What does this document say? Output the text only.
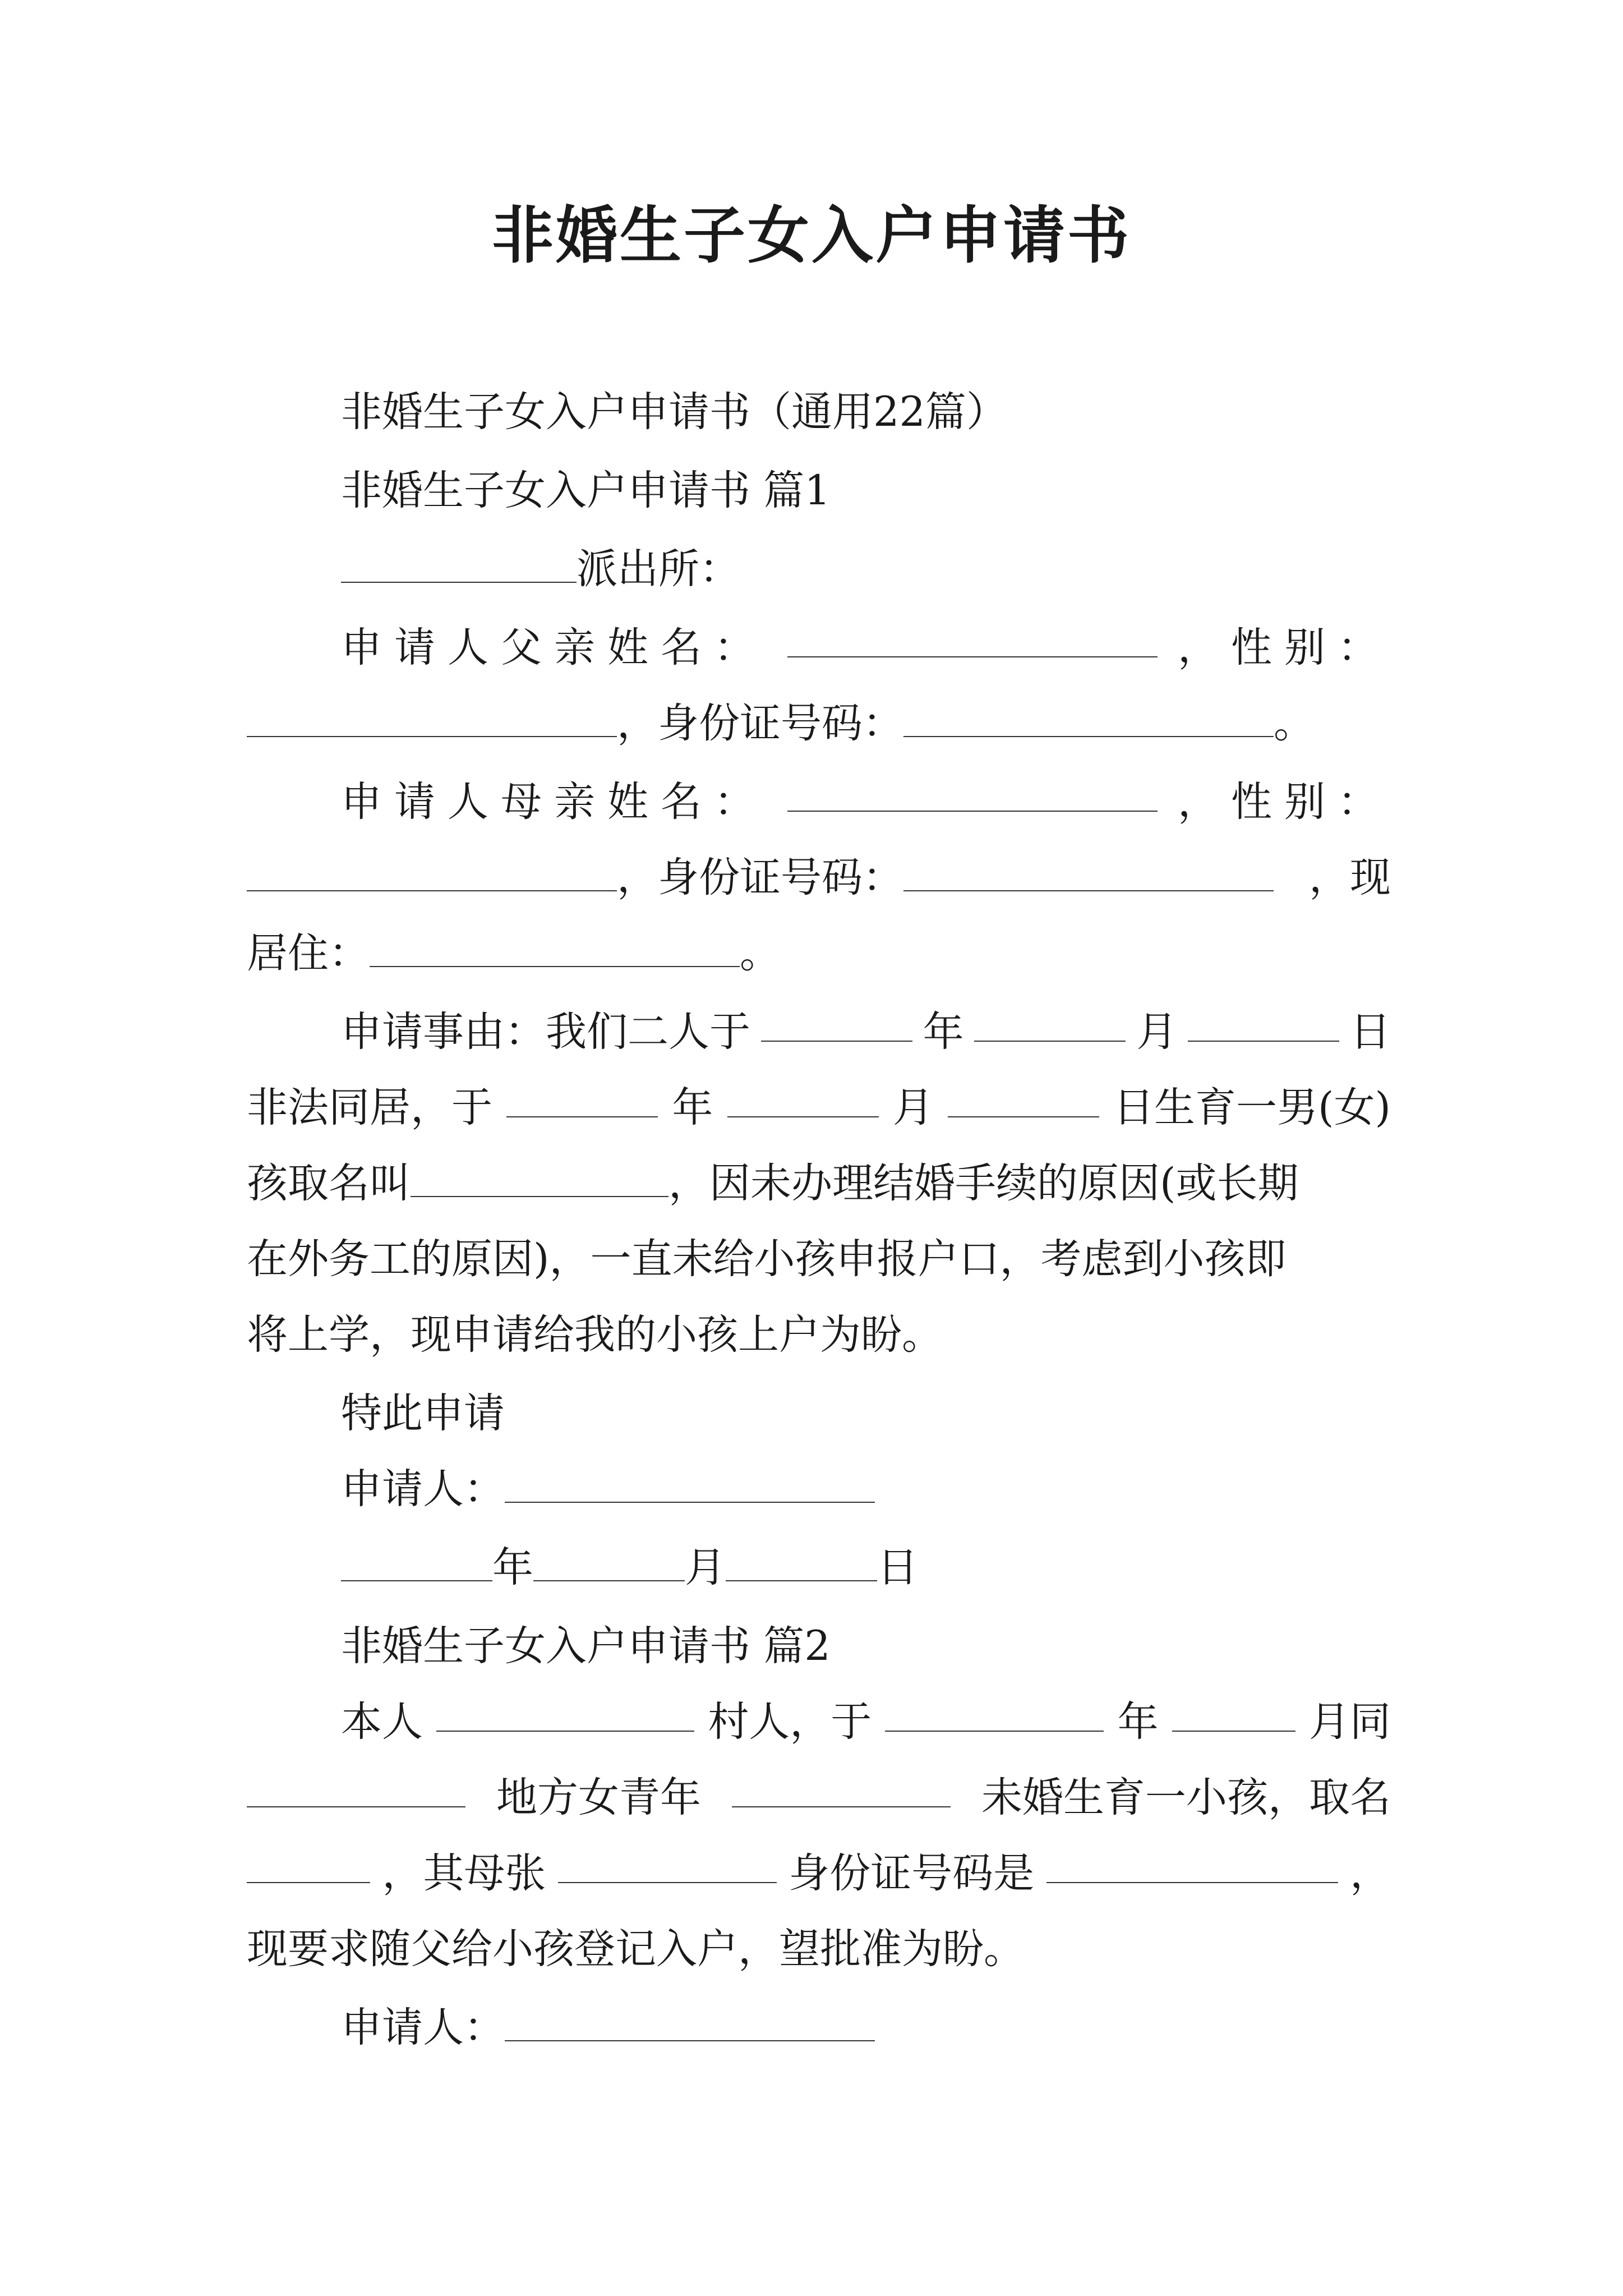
非婚生子女入户申请书
非婚生子女入户申请书（通用22篇）
非婚生子女入户申请书 篇1
派出所：
申请人父亲姓名：	，性别：
，身份证号码：	。
申请人母亲姓名：	，性别：
，身份证号码：	，现
居住：	。
申请事由：我们二人于	年	月	日
非法同居，于	年	月	日生育一男(女)
孩取名叫	，因未办理结婚手续的原因(或长期
在外务工的原因)，一直未给小孩申报户口，考虑到小孩即
将上学，现申请给我的小孩上户为盼。
特此申请
申请人：
年	月	日
非婚生子女入户申请书 篇2
本人	村人，于	年	月同
地方女青年	未婚生育一小孩，取名
，其母张	身份证号码是	，
现要求随父给小孩登记入户，望批准为盼。
申请人：
